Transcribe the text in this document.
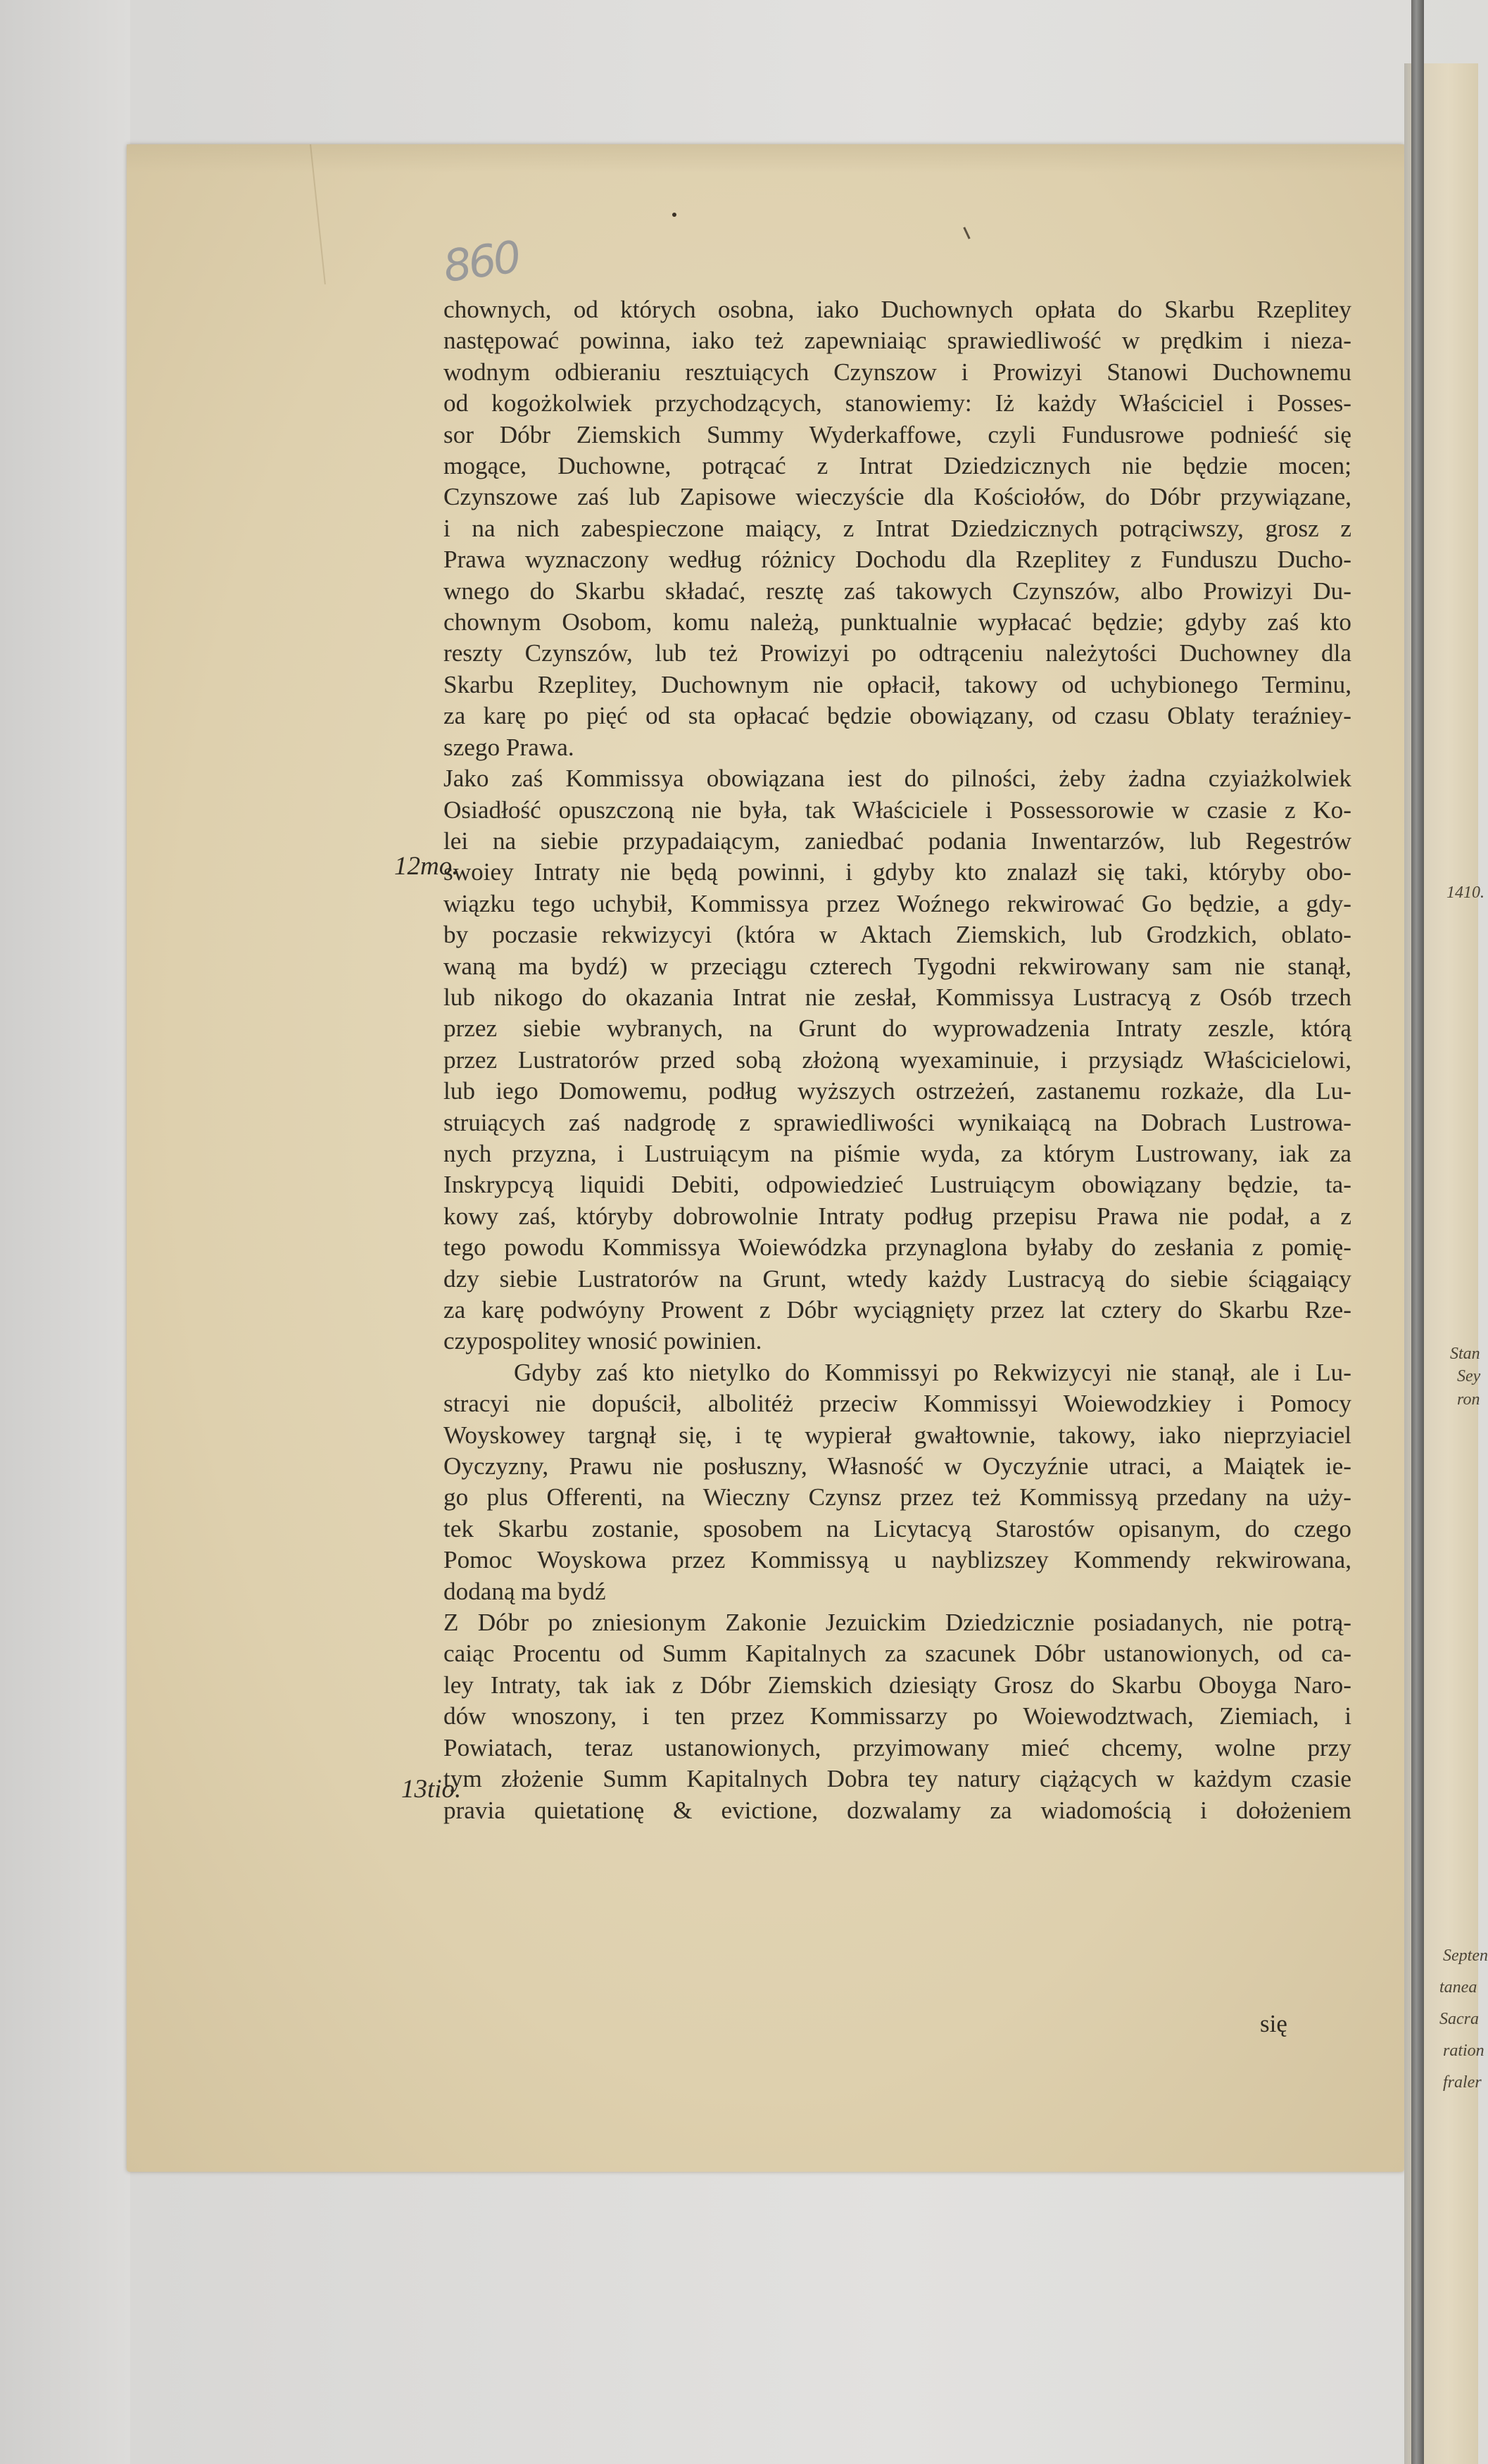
860
12mo.
13tio.
chownych, od których osobna, iako Duchownych opłata do Skarbu Rzeplitey
następować powinna, iako też zapewniaiąc sprawiedliwość w prędkim i nieza-
wodnym odbieraniu resztuiących Czynszow i Prowizyi Stanowi Duchownemu
od kogożkolwiek przychodzących, stanowiemy: Iż każdy Właściciel i Posses-
sor Dóbr Ziemskich Summy Wyderkaffowe, czyli Fundusrowe podnieść się
mogące, Duchowne, potrącać z Intrat Dziedzicznych nie będzie mocen;
Czynszowe zaś lub Zapisowe wieczyście dla Kościołów, do Dóbr przywiązane,
i na nich zabespieczone maiący, z Intrat Dziedzicznych potrąciwszy, grosz z
Prawa wyznaczony według różnicy Dochodu dla Rzeplitey z Funduszu Ducho-
wnego do Skarbu składać, resztę zaś takowych Czynszów, albo Prowizyi Du-
chownym Osobom, komu należą, punktualnie wypłacać będzie; gdyby zaś kto
reszty Czynszów, lub też Prowizyi po odtrąceniu należytości Duchowney dla
Skarbu Rzeplitey, Duchownym nie opłacił, takowy od uchybionego Terminu,
za karę po pięć od sta opłacać będzie obowiązany, od czasu Oblaty teraźniey-
szego Prawa.
Jako zaś Kommissya obowiązana iest do pilności, żeby żadna czyiażkolwiek
Osiadłość opuszczoną nie była, tak Właściciele i Possessorowie w czasie z Ko-
lei na siebie przypadaiącym, zaniedbać podania Inwentarzów, lub Regestrów
swoiey Intraty nie będą powinni, i gdyby kto znalazł się taki, któryby obo-
wiązku tego uchybił, Kommissya przez Woźnego rekwirować Go będzie, a gdy-
by poczasie rekwizycyi (która w Aktach Ziemskich, lub Grodzkich, oblato-
waną ma bydź) w przeciągu czterech Tygodni rekwirowany sam nie stanął,
lub nikogo do okazania Intrat nie zesłał, Kommissya Lustracyą z Osób trzech
przez siebie wybranych, na Grunt do wyprowadzenia Intraty zeszle, którą
przez Lustratorów przed sobą złożoną wyexaminuie, i przysiądz Właścicielowi,
lub iego Domowemu, podług wyższych ostrzeżeń, zastanemu rozkaże, dla Lu-
struiących zaś nadgrodę z sprawiedliwości wynikaiącą na Dobrach Lustrowa-
nych przyzna, i Lustruiącym na piśmie wyda, za którym Lustrowany, iak za
Inskrypcyą liquidi Debiti, odpowiedzieć Lustruiącym obowiązany będzie, ta-
kowy zaś, któryby dobrowolnie Intraty podług przepisu Prawa nie podał, a z
tego powodu Kommissya Woiewódzka przynaglona byłaby do zesłania z pomię-
dzy siebie Lustratorów na Grunt, wtedy każdy Lustracyą do siebie ściągaiący
za karę podwóyny Prowent z Dóbr wyciągnięty przez lat cztery do Skarbu Rze-
czypospolitey wnosić powinien.
Gdyby zaś kto nietylko do Kommissyi po Rekwizycyi nie stanął, ale i Lu-
stracyi nie dopuścił, albolitéż przeciw Kommissyi Woiewodzkiey i Pomocy
Woyskowey targnął się, i tę wypierał gwałtownie, takowy, iako nieprzyiaciel
Oyczyzny, Prawu nie posłuszny, Własność w Oyczyźnie utraci, a Maiątek ie-
go plus Offerenti, na Wieczny Czynsz przez też Kommissyą przedany na uży-
tek Skarbu zostanie, sposobem na Licytacyą Starostów opisanym, do czego
Pomoc Woyskowa przez Kommissyą u nayblizszey Kommendy rekwirowana,
dodaną ma bydź
Z Dóbr po zniesionym Zakonie Jezuickim Dziedzicznie posiadanych, nie potrą-
caiąc Procentu od Summ Kapitalnych za szacunek Dóbr ustanowionych, od ca-
ley Intraty, tak iak z Dóbr Ziemskich dziesiąty Grosz do Skarbu Oboyga Naro-
dów wnoszony, i ten przez Kommissarzy po Woiewodztwach, Ziemiach, i
Powiatach, teraz ustanowionych, przyimowany mieć chcemy, wolne przy
tym złożenie Summ Kapitalnych Dobra tey natury ciążących w każdym czasie
pravia quietationę & evictione, dozwalamy za wiadomością i dołożeniem
się
1410.
Stan
Sey
ron
Septen
tanea
Sacra
ration
fraler
